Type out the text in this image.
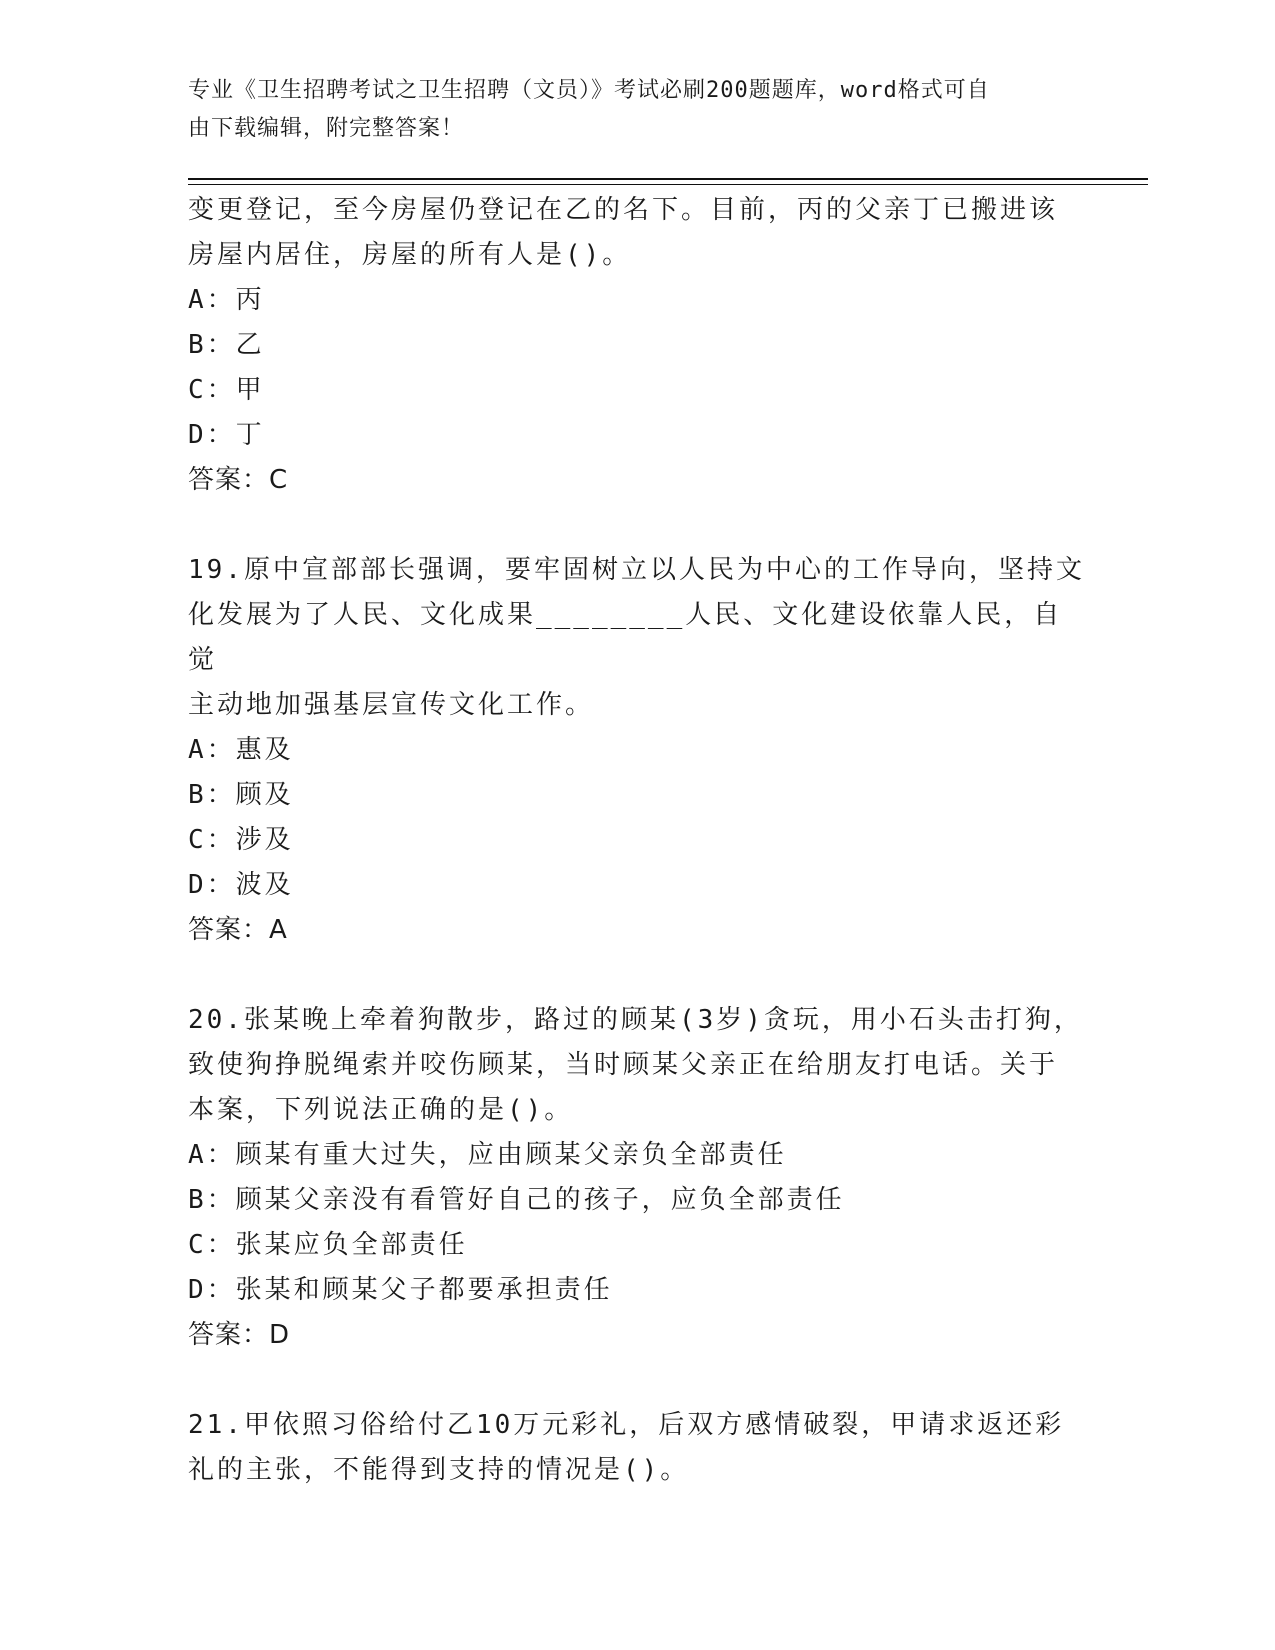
专业《卫生招聘考试之卫生招聘（文员）》考试必刷200题题库，word格式可自
由下载编辑，附完整答案！
变更登记，至今房屋仍登记在乙的名下。目前，丙的父亲丁已搬进该
房屋内居住，房屋的所有人是()。
A：丙
B：乙
C：甲
D：丁
答案：C
19.原中宣部部长强调，要牢固树立以人民为中心的工作导向，坚持文
化发展为了人民、文化成果________人民、文化建设依靠人民，自觉
主动地加强基层宣传文化工作。
A：惠及
B：顾及
C：涉及
D：波及
答案：A
20.张某晚上牵着狗散步，路过的顾某(3岁)贪玩，用小石头击打狗，
致使狗挣脱绳索并咬伤顾某，当时顾某父亲正在给朋友打电话。关于
本案，下列说法正确的是()。
A：顾某有重大过失，应由顾某父亲负全部责任
B：顾某父亲没有看管好自己的孩子，应负全部责任
C：张某应负全部责任
D：张某和顾某父子都要承担责任
答案：D
21.甲依照习俗给付乙10万元彩礼，后双方感情破裂，甲请求返还彩
礼的主张，不能得到支持的情况是()。
